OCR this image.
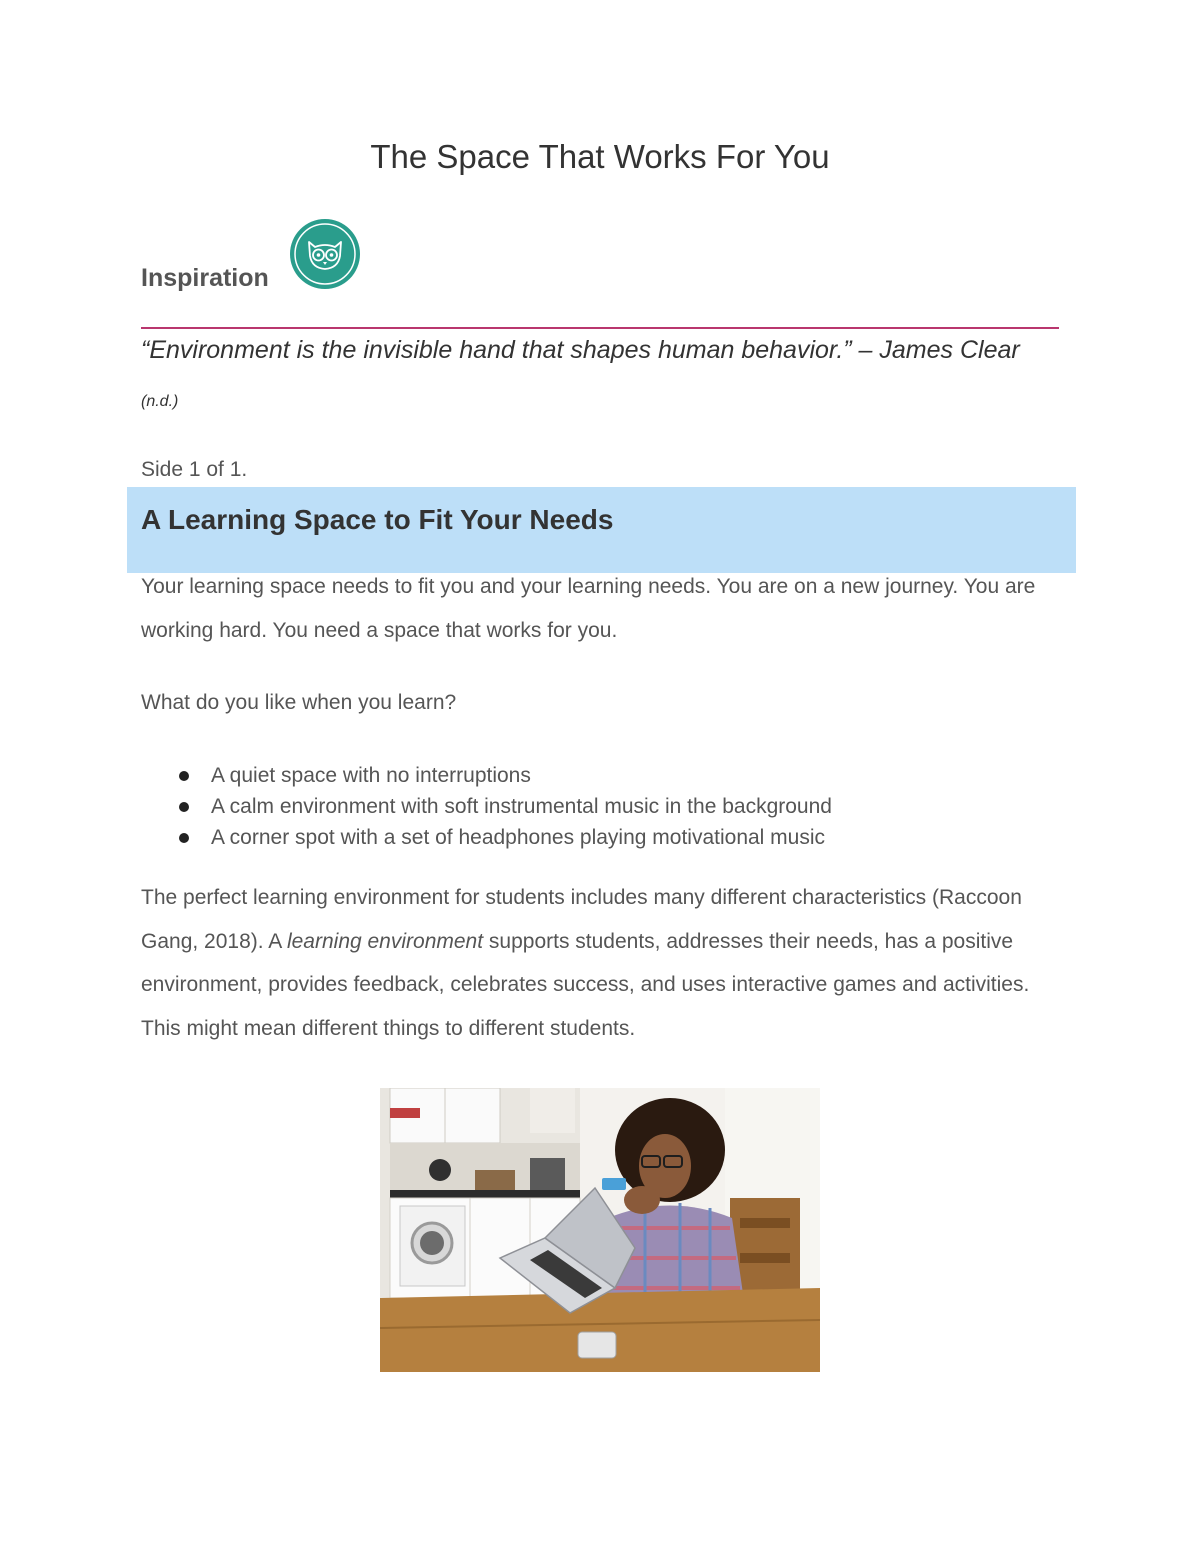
The Space That Works For You
Inspiration

“Environment is the invisible hand that shapes human behavior.” – James Clear (n.d.)

Side 1 of 1.

A Learning Space to Fit Your Needs

Your learning space needs to fit you and your learning needs. You are on a new journey. You are working hard. You need a space that works for you.

What do you like when you learn?

A quiet space with no interruptions
A calm environment with soft instrumental music in the background
A corner spot with a set of headphones playing motivational music

The perfect learning environment for students includes many different characteristics (Raccoon Gang, 2018). A learning environment supports students, addresses their needs, has a positive environment, provides feedback, celebrates success, and uses interactive games and activities. This might mean different things to different students.
